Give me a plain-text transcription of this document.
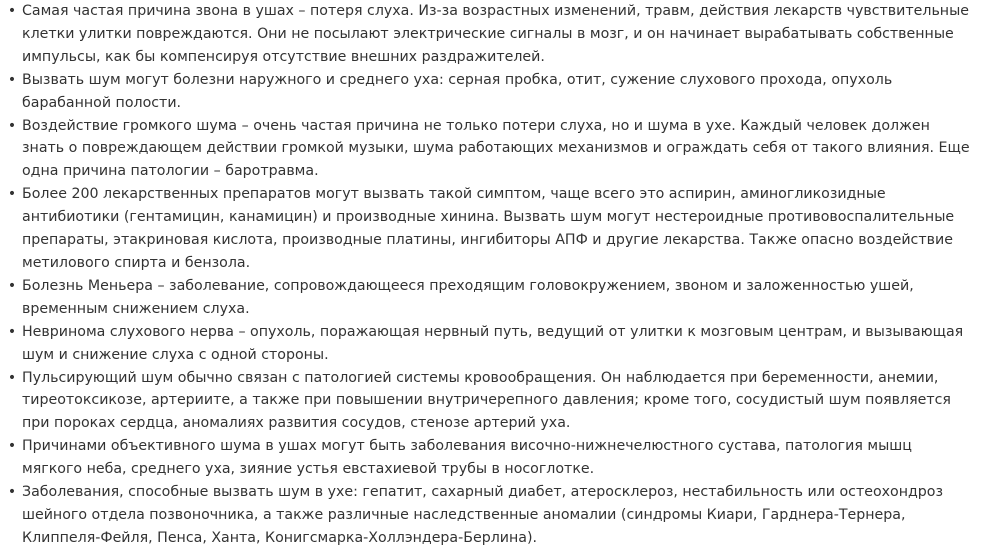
• Самая частая причина звона в ушах – потеря слуха. Из-за возрастных изменений, травм, действия лекарств чувствительные клетки улитки повреждаются. Они не посылают электрические сигналы в мозг, и он начинает вырабатывать собственные импульсы, как бы компенсируя отсутствие внешних раздражителей.
• Вызвать шум могут болезни наружного и среднего уха: серная пробка, отит, сужение слухового прохода, опухоль барабанной полости.
• Воздействие громкого шума – очень частая причина не только потери слуха, но и шума в ухе. Каждый человек должен знать о повреждающем действии громкой музыки, шума работающих механизмов и ограждать себя от такого влияния. Еще одна причина патологии – баротравма.
• Более 200 лекарственных препаратов могут вызвать такой симптом, чаще всего это аспирин, аминогликозидные антибиотики (гентамицин, канамицин) и производные хинина. Вызвать шум могут нестероидные противовоспалительные препараты, этакриновая кислота, производные платины, ингибиторы АПФ и другие лекарства. Также опасно воздействие метилового спирта и бензола.
• Болезнь Меньера – заболевание, сопровождающееся преходящим головокружением, звоном и заложенностью ушей, временным снижением слуха.
• Невринома слухового нерва – опухоль, поражающая нервный путь, ведущий от улитки к мозговым центрам, и вызывающая шум и снижение слуха с одной стороны.
• Пульсирующий шум обычно связан с патологией системы кровообращения. Он наблюдается при беременности, анемии, тиреотоксикозе, артериите, а также при повышении внутричерепного давления; кроме того, сосудистый шум появляется при пороках сердца, аномалиях развития сосудов, стенозе артерий уха.
• Причинами объективного шума в ушах могут быть заболевания височно-нижнечелюстного сустава, патология мышц мягкого неба, среднего уха, зияние устья евстахиевой трубы в носоглотке.
• Заболевания, способные вызвать шум в ухе: гепатит, сахарный диабет, атеросклероз, нестабильность или остеохондроз шейного отдела позвоночника, а также различные наследственные аномалии (синдромы Киари, Гарднера-Тернера, Клиппеля-Фейля, Пенса, Ханта, Конигсмарка-Холлэндера-Берлина).
